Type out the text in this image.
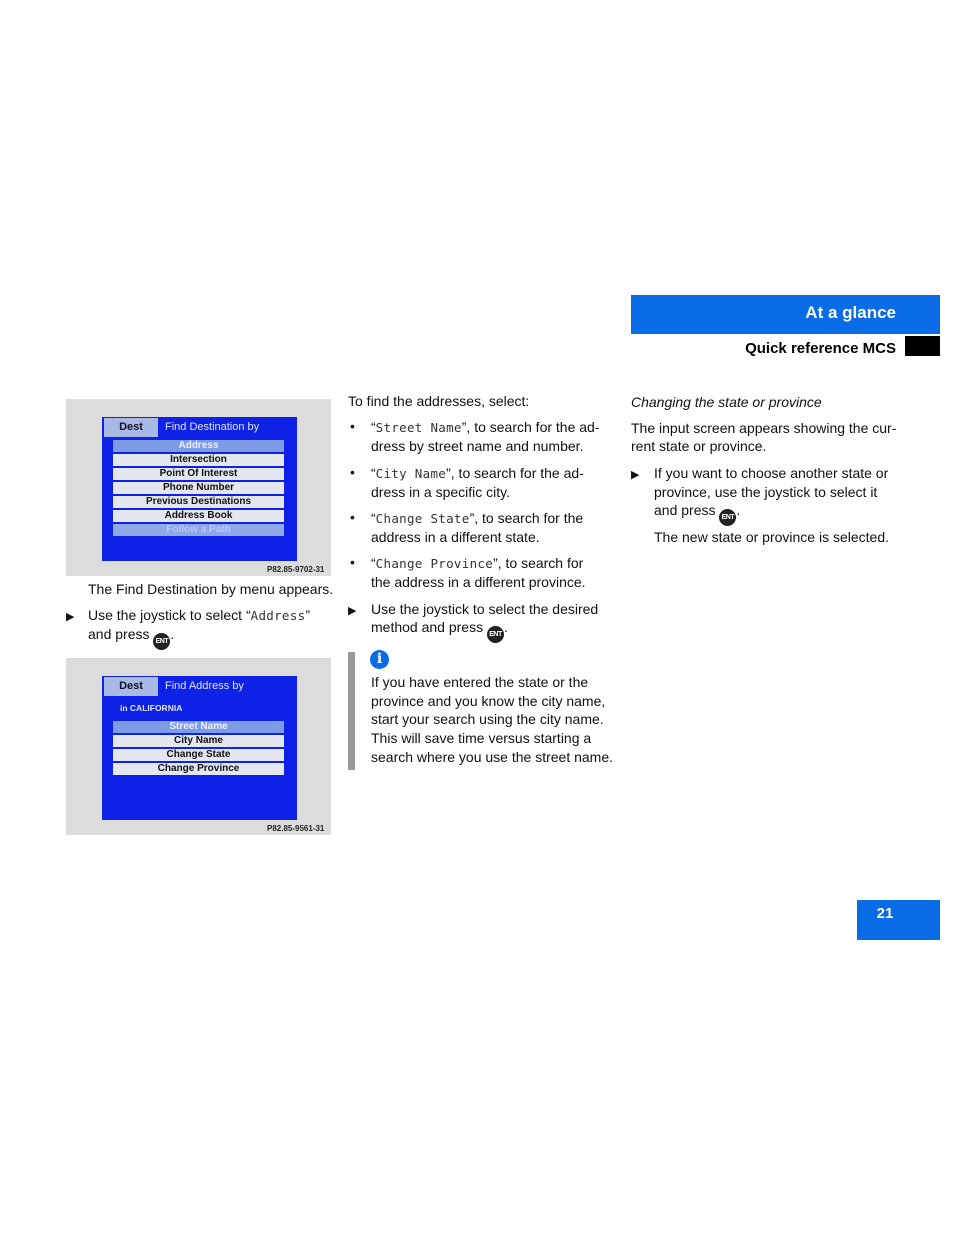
At a glance
Quick reference MCS
Dest	Find Destination by
Address
Intersection
Point Of Interest
Phone Number
Previous Destinations
Address Book
Follow a Path
P82.85-9702-31
The Find Destination by menu appears.
▶ Use the joystick to select “Address”
and press ENT .
Dest	Find Address by
in CALIFORNIA
Street Name
City Name
Change State
Change Province
P82.85-9561-31
To find the addresses, select:
• “Street Name”, to search for the ad-
dress by street name and number.
• “City Name”, to search for the ad-
dress in a specific city.
• “Change State”, to search for the
address in a different state.
• “Change Province”, to search for
the address in a different province.
▶ Use the joystick to select the desired
method and press ENT .
i
If you have entered the state or the
province and you know the city name,
start your search using the city name.
This will save time versus starting a
search where you use the street name.
Changing the state or province
The input screen appears showing the cur-
rent state or province.
▶ If you want to choose another state or
province, use the joystick to select it
and press ENT .
The new state or province is selected.
21
